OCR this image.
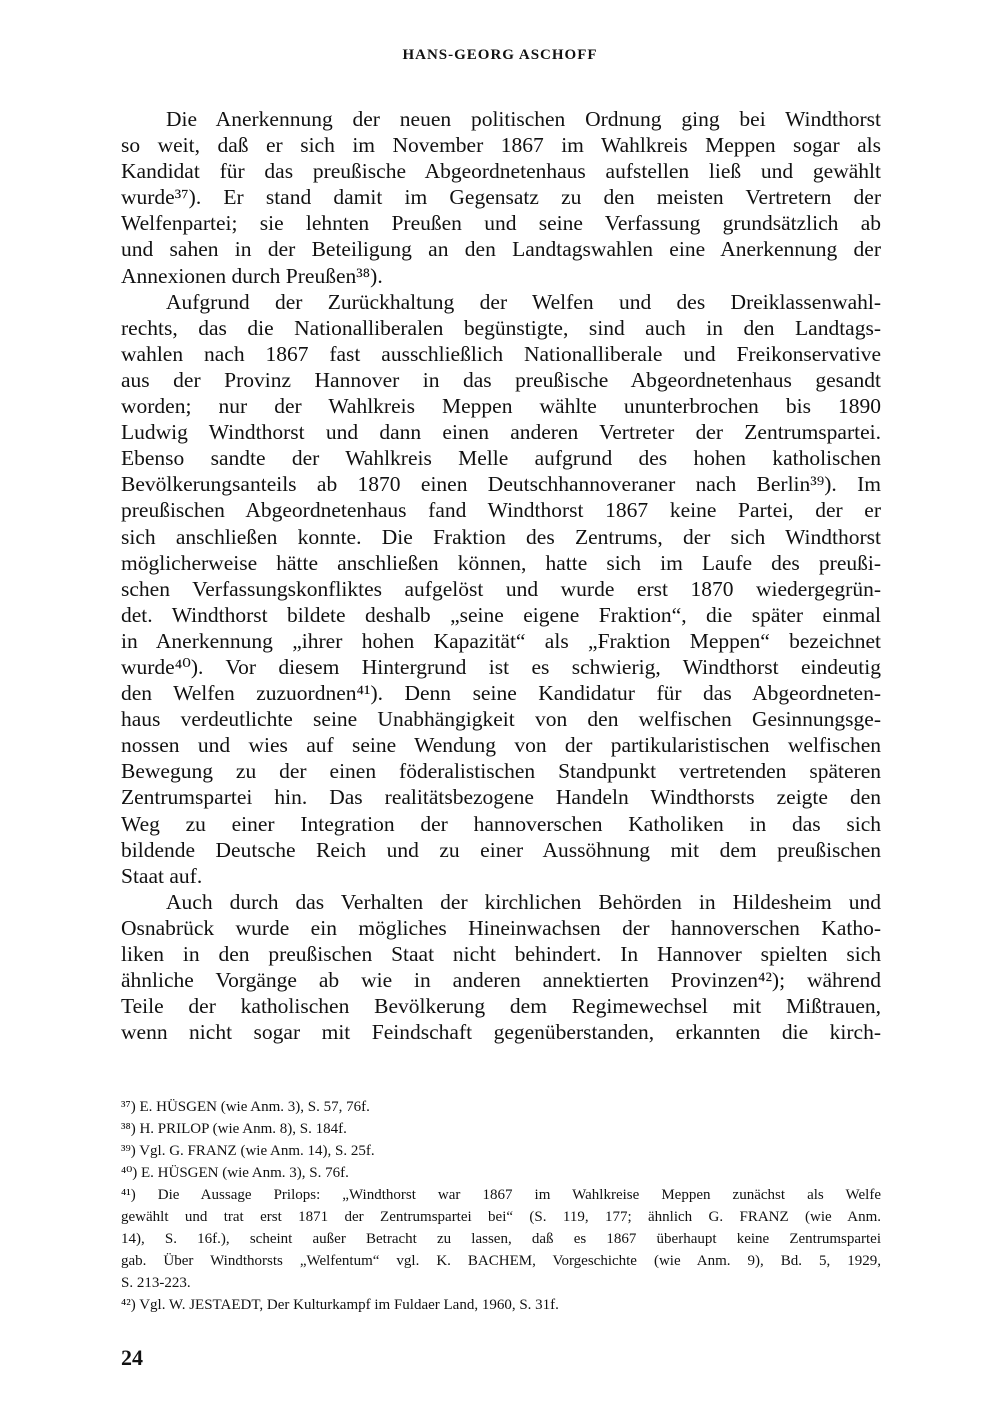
HANS-GEORG ASCHOFF
Die Anerkennung der neuen politischen Ordnung ging bei Windthorst
so weit, daß er sich im November 1867 im Wahlkreis Meppen sogar als
Kandidat für das preußische Abgeordnetenhaus aufstellen ließ und gewählt
wurde³⁷). Er stand damit im Gegensatz zu den meisten Vertretern der
Welfenpartei; sie lehnten Preußen und seine Verfassung grundsätzlich ab
und sahen in der Beteiligung an den Landtagswahlen eine Anerkennung der
Annexionen durch Preußen³⁸).
Aufgrund der Zurückhaltung der Welfen und des Dreiklassenwahl-
rechts, das die Nationalliberalen begünstigte, sind auch in den Landtags-
wahlen nach 1867 fast ausschließlich Nationalliberale und Freikonservative
aus der Provinz Hannover in das preußische Abgeordnetenhaus gesandt
worden; nur der Wahlkreis Meppen wählte ununterbrochen bis 1890
Ludwig Windthorst und dann einen anderen Vertreter der Zentrumspartei.
Ebenso sandte der Wahlkreis Melle aufgrund des hohen katholischen
Bevölkerungsanteils ab 1870 einen Deutschhannoveraner nach Berlin³⁹). Im
preußischen Abgeordnetenhaus fand Windthorst 1867 keine Partei, der er
sich anschließen konnte. Die Fraktion des Zentrums, der sich Windthorst
möglicherweise hätte anschließen können, hatte sich im Laufe des preußi-
schen Verfassungskonfliktes aufgelöst und wurde erst 1870 wiedergegrün-
det. Windthorst bildete deshalb „seine eigene Fraktion“, die später einmal
in Anerkennung „ihrer hohen Kapazität“ als „Fraktion Meppen“ bezeichnet
wurde⁴⁰). Vor diesem Hintergrund ist es schwierig, Windthorst eindeutig
den Welfen zuzuordnen⁴¹). Denn seine Kandidatur für das Abgeordneten-
haus verdeutlichte seine Unabhängigkeit von den welfischen Gesinnungsge-
nossen und wies auf seine Wendung von der partikularistischen welfischen
Bewegung zu der einen föderalistischen Standpunkt vertretenden späteren
Zentrumspartei hin. Das realitätsbezogene Handeln Windthorsts zeigte den
Weg zu einer Integration der hannoverschen Katholiken in das sich
bildende Deutsche Reich und zu einer Aussöhnung mit dem preußischen
Staat auf.
Auch durch das Verhalten der kirchlichen Behörden in Hildesheim und
Osnabrück wurde ein mögliches Hineinwachsen der hannoverschen Katho-
liken in den preußischen Staat nicht behindert. In Hannover spielten sich
ähnliche Vorgänge ab wie in anderen annektierten Provinzen⁴²); während
Teile der katholischen Bevölkerung dem Regimewechsel mit Mißtrauen,
wenn nicht sogar mit Feindschaft gegenüberstanden, erkannten die kirch-
³⁷) E. HÜSGEN (wie Anm. 3), S. 57, 76f.
³⁸) H. PRILOP (wie Anm. 8), S. 184f.
³⁹) Vgl. G. FRANZ (wie Anm. 14), S. 25f.
⁴⁰) E. HÜSGEN (wie Anm. 3), S. 76f.
⁴¹) Die Aussage Prilops: „Windthorst war 1867 im Wahlkreise Meppen zunächst als Welfe
gewählt und trat erst 1871 der Zentrumspartei bei“ (S. 119, 177; ähnlich G. FRANZ (wie Anm.
14), S. 16f.), scheint außer Betracht zu lassen, daß es 1867 überhaupt keine Zentrumspartei
gab. Über Windthorsts „Welfentum“ vgl. K. BACHEM, Vorgeschichte (wie Anm. 9), Bd. 5, 1929,
S. 213-223.
⁴²) Vgl. W. JESTAEDT, Der Kulturkampf im Fuldaer Land, 1960, S. 31f.
24
